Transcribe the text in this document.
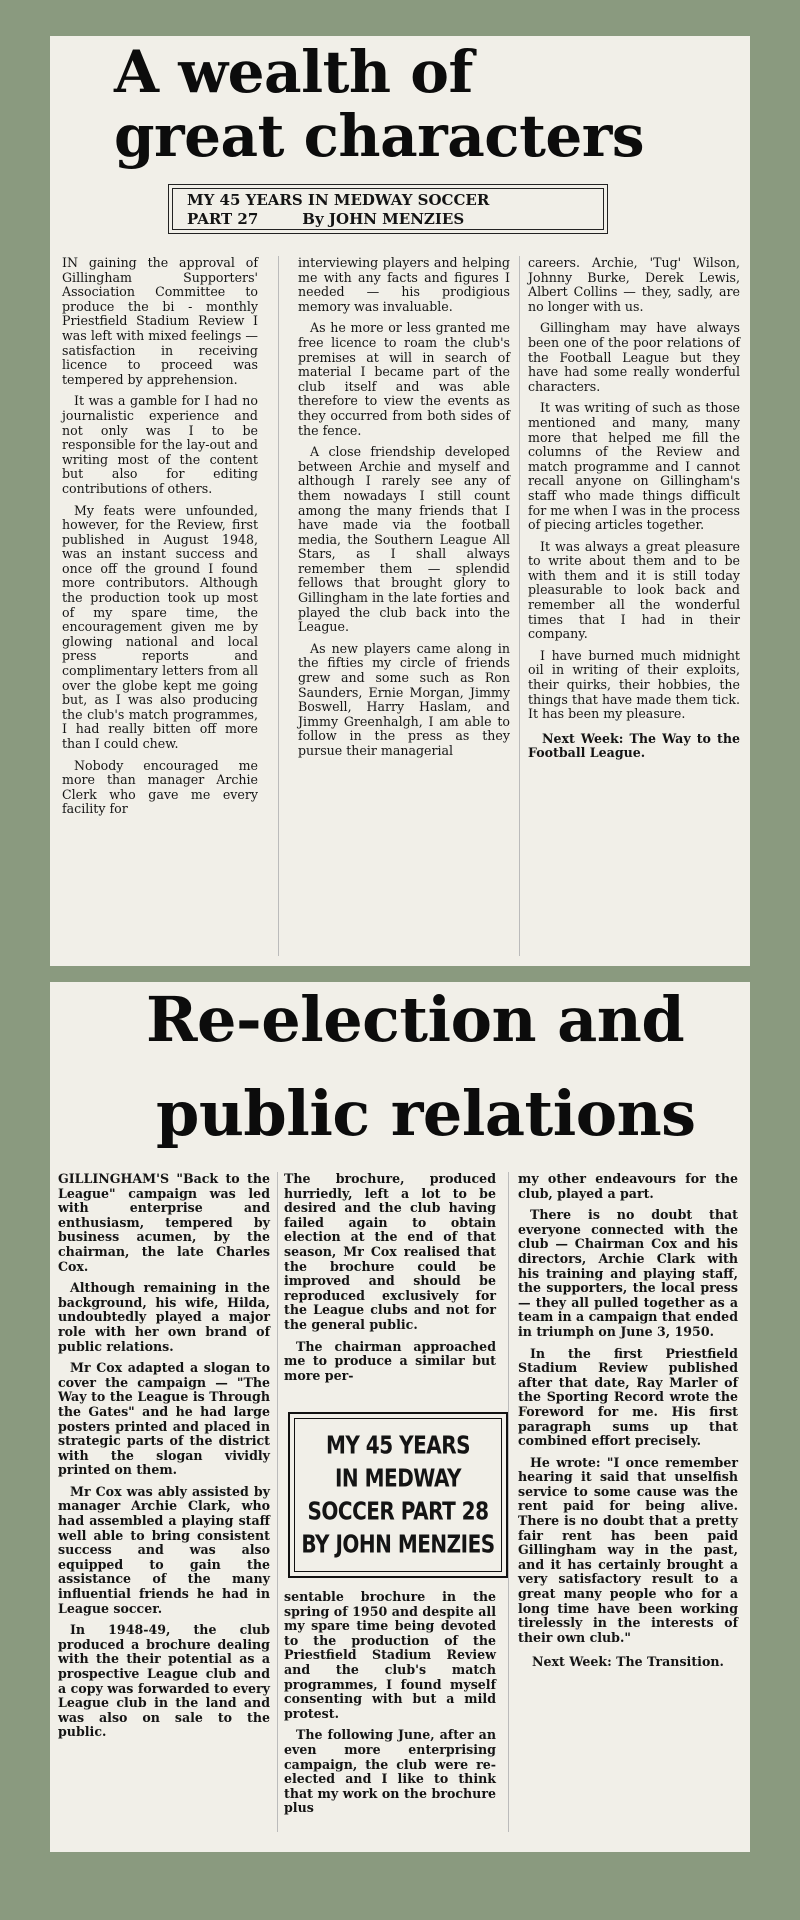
A wealth of
great characters
MY 45 YEARS IN MEDWAY SOCCER
PART 27	By JOHN MENZIES

IN gaining the approval of Gillingham Supporters' Association Committee to produce the bi - monthly Priestfield Stadium Review I was left with mixed feelings — satisfaction in receiving licence to proceed was tempered by apprehension.

It was a gamble for I had no journalistic experience and not only was I to be responsible for the lay-out and writing most of the content but also for editing contributions of others.

My feats were unfounded, however, for the Review, first published in August 1948, was an instant success and once off the ground I found more contributors. Although the production took up most of my spare time, the encouragement given me by glowing national and local press reports and complimentary letters from all over the globe kept me going but, as I was also producing the club's match programmes, I had really bitten off more than I could chew.

Nobody encouraged me more than manager Archie Clerk who gave me every facility for

interviewing players and helping me with any facts and figures I needed — his prodigious memory was invaluable.

As he more or less granted me free licence to roam the club's premises at will in search of material I became part of the club itself and was able therefore to view the events as they occurred from both sides of the fence.

A close friendship developed between Archie and myself and although I rarely see any of them nowadays I still count among the many friends that I have made via the football media, the Southern League All Stars, as I shall always remember them — splendid fellows that brought glory to Gillingham in the late forties and played the club back into the League.

As new players came along in the fifties my circle of friends grew and some such as Ron Saunders, Ernie Morgan, Jimmy Boswell, Harry Haslam, and Jimmy Greenhalgh, I am able to follow in the press as they pursue their managerial

careers. Archie, 'Tug' Wilson, Johnny Burke, Derek Lewis, Albert Collins — they, sadly, are no longer with us.

Gillingham may have always been one of the poor relations of the Football League but they have had some really wonderful characters.

It was writing of such as those mentioned and many, many more that helped me fill the columns of the Review and match programme and I cannot recall anyone on Gillingham's staff who made things difficult for me when I was in the process of piecing articles together.

It was always a great pleasure to write about them and to be with them and it is still today pleasurable to look back and remember all the wonderful times that I had in their company.

I have burned much midnight oil in writing of their exploits, their quirks, their hobbies, the things that have made them tick. It has been my pleasure.

Next Week: The Way to the Football League.

Re-election and
public relations

GILLINGHAM'S "Back to the League" campaign was led with enterprise and enthusiasm, tempered by business acumen, by the chairman, the late Charles Cox.

Although remaining in the background, his wife, Hilda, undoubtedly played a major role with her own brand of public relations.

Mr Cox adapted a slogan to cover the campaign — "The Way to the League is Through the Gates" and he had large posters printed and placed in strategic parts of the district with the slogan vividly printed on them.

Mr Cox was ably assisted by manager Archie Clark, who had assembled a playing staff well able to bring consistent success and was also equipped to gain the assistance of the many influential friends he had in League soccer.

In 1948-49, the club produced a brochure dealing with the their potential as a prospective League club and a copy was forwarded to every League club in the land and was also on sale to the public.

The brochure, produced hurriedly, left a lot to be desired and the club having failed again to obtain election at the end of that season, Mr Cox realised that the brochure could be improved and should be reproduced exclusively for the League clubs and not for the general public.

The chairman approached me to produce a similar but more per-

MY 45 YEARS
IN MEDWAY
SOCCER PART 28
BY JOHN MENZIES

sentable brochure in the spring of 1950 and despite all my spare time being devoted to the production of the Priestfield Stadium Review and the club's match programmes, I found myself consenting with but a mild protest.

The following June, after an even more enterprising campaign, the club were re-elected and I like to think that my work on the brochure plus

my other endeavours for the club, played a part.

There is no doubt that everyone connected with the club — Chairman Cox and his directors, Archie Clark with his training and playing staff, the supporters, the local press — they all pulled together as a team in a campaign that ended in triumph on June 3, 1950.

In the first Priestfield Stadium Review published after that date, Ray Marler of the Sporting Record wrote the Foreword for me. His first paragraph sums up that combined effort precisely.

He wrote: "I once remember hearing it said that unselfish service to some cause was the rent paid for being alive. There is no doubt that a pretty fair rent has been paid Gillingham way in the past, and it has certainly brought a very satisfactory result to a great many people who for a long time have been working tirelessly in the interests of their own club."

Next Week: The Transition.
